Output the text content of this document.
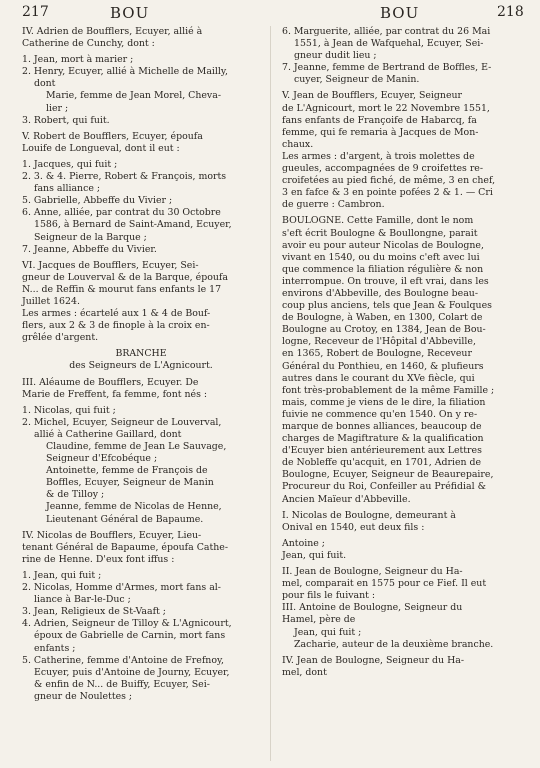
217	BOU	BOU	218
IV. Adrien de Boufflers, Ecuyer, allié à
Catherine de Cunchy, dont :
1. Jean, mort à marier ;
2. Henry, Ecuyer, allié à Michelle de Mailly,
dont
Marie, femme de Jean Morel, Cheva-
lier ;
3. Robert, qui fuit.
V. Robert de Boufflers, Ecuyer, époufa
Louife de Longueval, dont il eut :
1. Jacques, qui fuit ;
2. 3. & 4. Pierre, Robert & François, morts
fans alliance ;
5. Gabrielle, Abbeffe du Vivier ;
6. Anne, alliée, par contrat du 30 Octobre
1586, à Bernard de Saint-Amand, Ecuyer,
Seigneur de la Barque ;
7. Jeanne, Abbeffe du Vivier.
VI. Jacques de Boufflers, Ecuyer, Sei-
gneur de Louverval & de la Barque, époufa
N... de Reffin & mourut fans enfants le 17
Juillet 1624.
Les armes : écartelé aux 1 & 4 de Bouf-
flers, aux 2 & 3 de finople à la croix en-
grêlée d'argent.
BRANCHE
des Seigneurs de L'Agnicourt.
III. Aléaume de Boufflers, Ecuyer. De
Marie de Freffent, fa femme, font nés :
1. Nicolas, qui fuit ;
2. Michel, Ecuyer, Seigneur de Louverval,
allié à Catherine Gaillard, dont
Claudine, femme de Jean Le Sauvage,
Seigneur d'Efcobéque ;
Antoinette, femme de François de
Boffles, Ecuyer, Seigneur de Manin
& de Tilloy ;
Jeanne, femme de Nicolas de Henne,
Lieutenant Général de Bapaume.
IV. Nicolas de Boufflers, Ecuyer, Lieu-
tenant Général de Bapaume, époufa Cathe-
rine de Henne. D'eux font iffus :
1. Jean, qui fuit ;
2. Nicolas, Homme d'Armes, mort fans al-
liance à Bar-le-Duc ;
3. Jean, Religieux de St-Vaaft ;
4. Adrien, Seigneur de Tilloy & L'Agnicourt,
époux de Gabrielle de Carnin, mort fans
enfants ;
5. Catherine, femme d'Antoine de Frefnoy,
Ecuyer, puis d'Antoine de Journy, Ecuyer,
& enfin de N... de Buiffy, Ecuyer, Sei-
gneur de Noulettes ;
6. Marguerite, alliée, par contrat du 26 Mai
1551, à Jean de Wafquehal, Ecuyer, Sei-
gneur dudit lieu ;
7. Jeanne, femme de Bertrand de Boffles, E-
cuyer, Seigneur de Manin.
V. Jean de Boufflers, Ecuyer, Seigneur
de L'Agnicourt, mort le 22 Novembre 1551,
fans enfants de Françoife de Habarcq, fa
femme, qui fe remaria à Jacques de Mon-
chaux.
Les armes : d'argent, à trois molettes de
gueules, accompagnées de 9 croifettes re-
croifetées au pied fiché, de même, 3 en chef,
3 en fafce & 3 en pointe pofées 2 & 1. — Cri
de guerre : Cambron.
BOULOGNE. Cette Famille, dont le nom
s'eft écrit Boulogne & Boullongne, parait
avoir eu pour auteur Nicolas de Boulogne,
vivant en 1540, ou du moins c'eft avec lui
que commence la filiation régulière & non
interrompue. On trouve, il eft vrai, dans les
environs d'Abbeville, des Boulogne beau-
coup plus anciens, tels que Jean & Foulques
de Boulogne, à Waben, en 1300, Colart de
Boulogne au Crotoy, en 1384, Jean de Bou-
logne, Receveur de l'Hôpital d'Abbeville,
en 1365, Robert de Boulogne, Receveur
Général du Ponthieu, en 1460, & plufieurs
autres dans le courant du XVe fiècle, qui
font très-probablement de la même Famille ;
mais, comme je viens de le dire, la filiation
fuivie ne commence qu'en 1540. On y re-
marque de bonnes alliances, beaucoup de
charges de Magiftrature & la qualification
d'Ecuyer bien antérieurement aux Lettres
de Nobleffe qu'acquit, en 1701, Adrien de
Boulogne, Ecuyer, Seigneur de Beaurepaire,
Procureur du Roi, Confeiller au Préfidial &
Ancien Maïeur d'Abbeville.
I. Nicolas de Boulogne, demeurant à
Onival en 1540, eut deux fils :
Antoine ;
Jean, qui fuit.
II. Jean de Boulogne, Seigneur du Ha-
mel, comparait en 1575 pour ce Fief. Il eut
pour fils le fuivant :
III. Antoine de Boulogne, Seigneur du
Hamel, père de
Jean, qui fuit ;
Zacharie, auteur de la deuxième branche.
IV. Jean de Boulogne, Seigneur du Ha-
mel, dont
